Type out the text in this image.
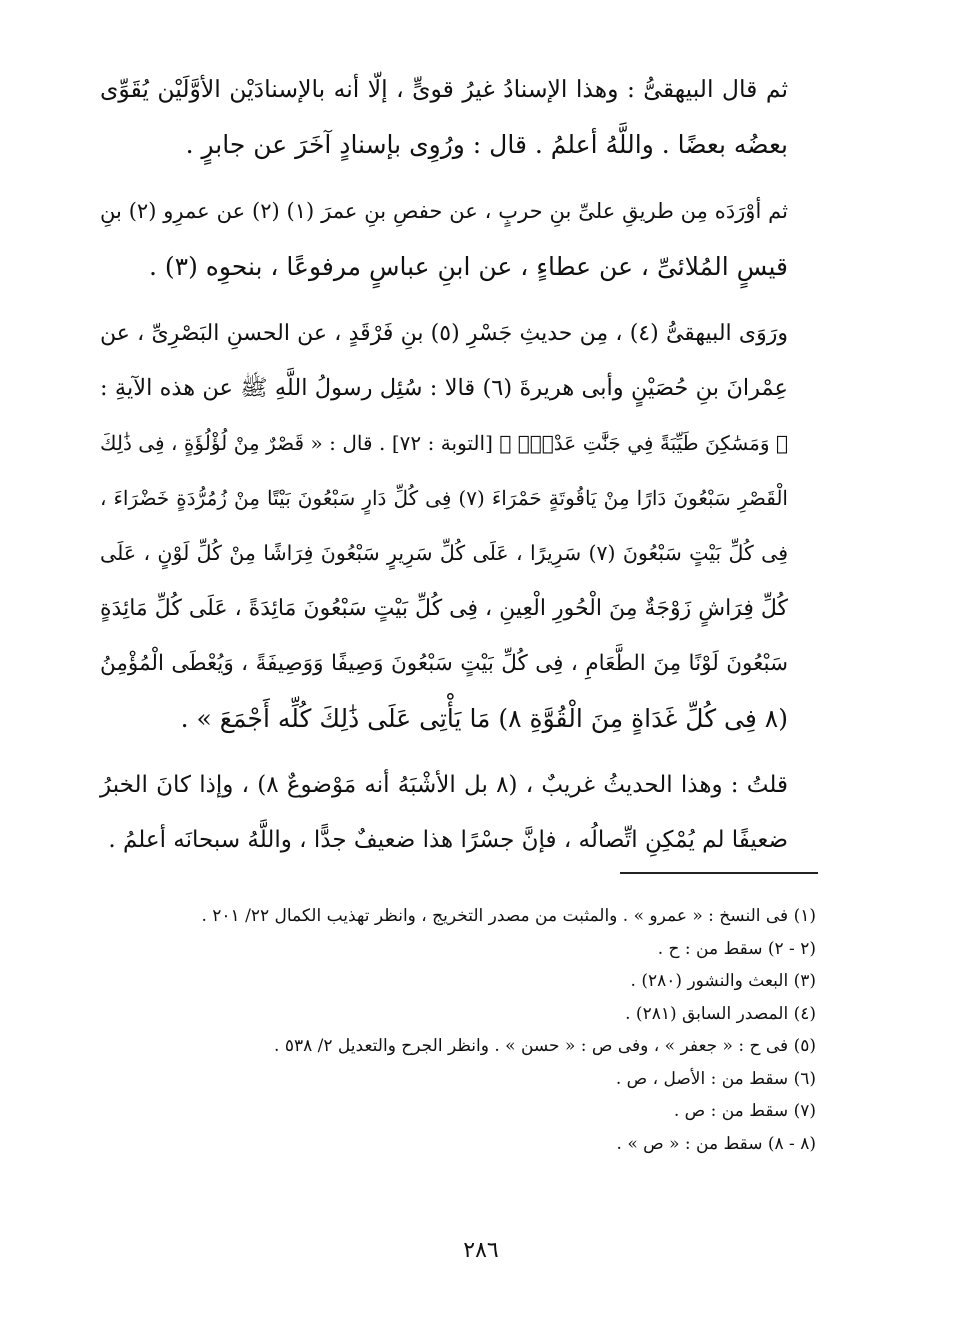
ثم قال البيهقىُّ : وهذا الإسنادُ غيرُ قوىٍّ ، إلّا أنه بالإسنادَيْن الأوَّلَيْن يُقَوِّى
بعضُه بعضًا . واللَّهُ أعلمُ . قال : ورُوِى بإسنادٍ آخَرَ عن جابرٍ .

ثم أوْرَدَه مِن طريقِ علىِّ بنِ حربٍ ، عن حفصِ بنِ عمرَ (١) (٢) عن عمرِو (٢) بنِ
قيسٍ المُلائىِّ ، عن عطاءٍ ، عن ابنِ عباسٍ مرفوعًا ، بنحوِه (٣) .

ورَوَى البيهقىُّ (٤) ، مِن حديثِ جَسْرِ (٥) بنِ فَرْقَدٍ ، عن الحسنِ البَصْرِىِّ ، عن
عِمْرانَ بنِ حُصَيْنٍ وأبى هريرةَ (٦) قالا : سُئِل رسولُ اللَّهِ ﷺ عن هذه الآيةِ :
﴿ وَمَسَٰكِنَ طَيِّبَةً فِي جَنَّٰتِ عَدْنٍۚ ﴾ [التوبة : ٧٢] . قال : « قَصْرٌ مِنْ لُؤْلُؤَةٍ ، فِى ذَٰلِكَ
الْقَصْرِ سَبْعُونَ دَارًا مِنْ يَاقُوتَةٍ حَمْرَاءَ (٧) فِى كُلِّ دَارٍ سَبْعُونَ بَيْتًا مِنْ زُمُرُّدَةٍ خَضْرَاءَ ،
فِى كُلِّ بَيْتٍ سَبْعُونَ (٧) سَرِيرًا ، عَلَى كُلِّ سَرِيرٍ سَبْعُونَ فِرَاشًا مِنْ كُلِّ لَوْنٍ ، عَلَى
كُلِّ فِرَاشٍ زَوْجَةٌ مِنَ الْحُورِ الْعِينِ ، فِى كُلِّ بَيْتٍ سَبْعُونَ مَائِدَةً ، عَلَى كُلِّ مَائِدَةٍ
سَبْعُونَ لَوْنًا مِنَ الطَّعَامِ ، فِى كُلِّ بَيْتٍ سَبْعُونَ وَصِيفًا وَوَصِيفَةً ، وَيُعْطَى الْمُؤْمِنُ
(٨ فِى كُلِّ غَدَاةٍ مِنَ الْقُوَّةِ ٨) مَا يَأْتِى عَلَى ذَٰلِكَ كُلِّه أَجْمَعَ » .

قلتُ : وهذا الحديثُ غريبٌ ، (٨ بل الأشْبَهُ أنه مَوْضوعٌ ٨) ، وإذا كانَ الخبرُ
ضعيفًا لم يُمْكِنِ اتِّصالُه ، فإنَّ جسْرًا هذا ضعيفٌ جدًّا ، واللَّهُ سبحانَه أعلمُ .

(١) فى النسخ : « عمرو » . والمثبت من مصدر التخريج ، وانظر تهذيب الكمال ٢٢/ ٢٠١ .
(٢ - ٢) سقط من : ح .
(٣) البعث والنشور (٢٨٠) .
(٤) المصدر السابق (٢٨١) .
(٥) فى ح : « جعفر » ، وفى ص : « حسن » . وانظر الجرح والتعديل ٢/ ٥٣٨ .
(٦) سقط من : الأصل ، ص .
(٧) سقط من : ص .
(٨ - ٨) سقط من : « ص » .
٢٨٦
